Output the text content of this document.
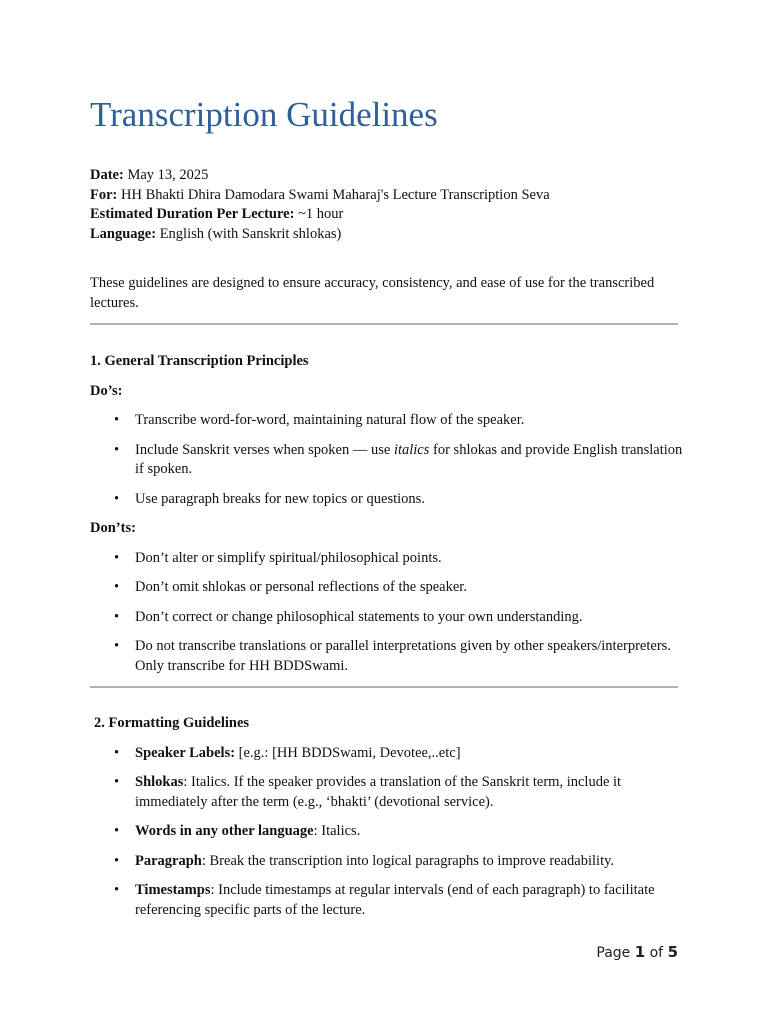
Transcription Guidelines
Date: May 13, 2025
For: HH Bhakti Dhira Damodara Swami Maharaj's Lecture Transcription Seva
Estimated Duration Per Lecture: ~1 hour
Language: English (with Sanskrit shlokas)

These guidelines are designed to ensure accuracy, consistency, and ease of use for the transcribed lectures.

1. General Transcription Principles

Do’s:

• Transcribe word-for-word, maintaining natural flow of the speaker.
• Include Sanskrit verses when spoken — use italics for shlokas and provide English translation if spoken.
• Use paragraph breaks for new topics or questions.

Don’ts:

• Don’t alter or simplify spiritual/philosophical points.
• Don’t omit shlokas or personal reflections of the speaker.
• Don’t correct or change philosophical statements to your own understanding.
• Do not transcribe translations or parallel interpretations given by other speakers/interpreters. Only transcribe for HH BDDSwami.
2. Formatting Guidelines
• Speaker Labels: [e.g.: [HH BDDSwami, Devotee,..etc]
• Shlokas: Italics. If the speaker provides a translation of the Sanskrit term, include it immediately after the term (e.g., ‘bhakti’ (devotional service).
• Words in any other language: Italics.
• Paragraph: Break the transcription into logical paragraphs to improve readability.
• Timestamps: Include timestamps at regular intervals (end of each paragraph) to facilitate referencing specific parts of the lecture.
Page 1 of 5
